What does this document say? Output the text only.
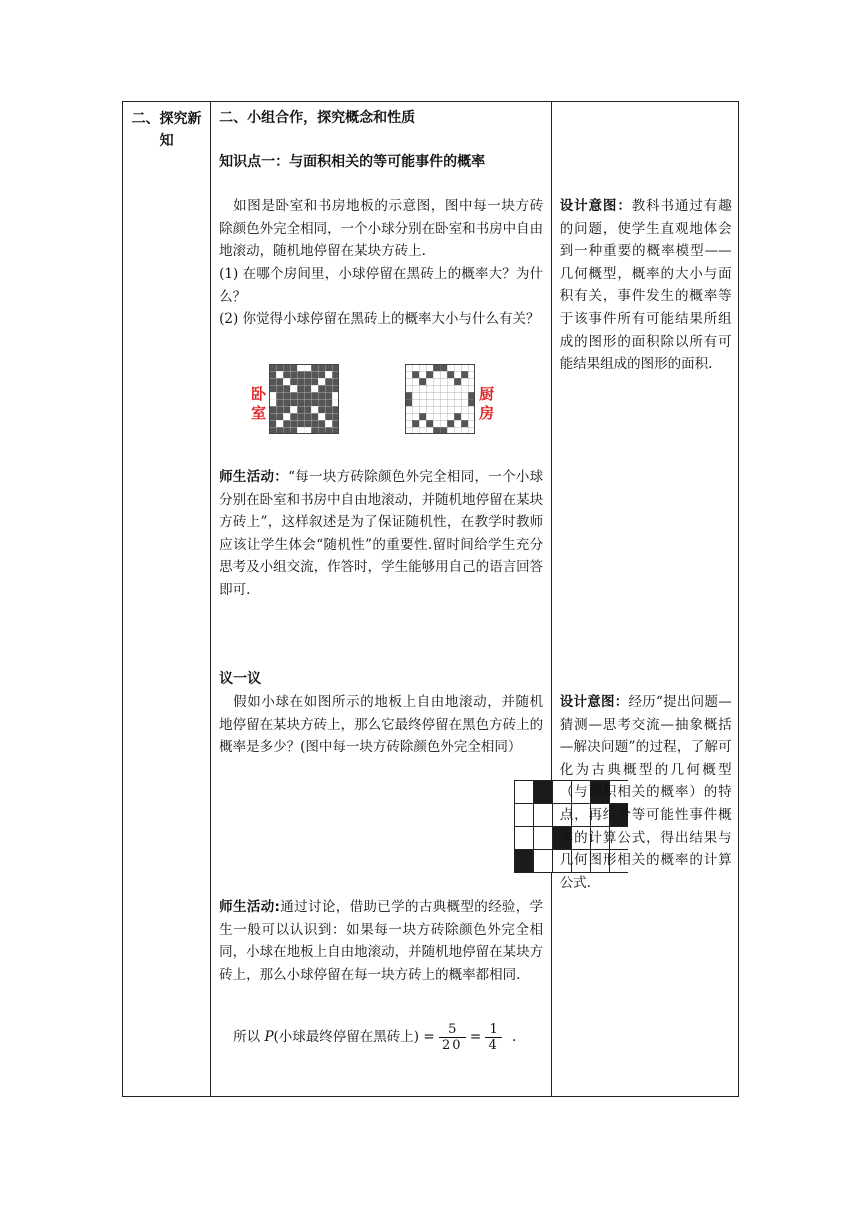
二、探究新知

二、小组合作，探究概念和性质
知识点一：与面积相关的等可能事件的概率
如图是卧室和书房地板的示意图，图中每一块方砖除颜色外完全相同，一个小球分别在卧室和书房中自由地滚动，随机地停留在某块方砖上.
(1) 在哪个房间里，小球停留在黑砖上的概率大？为什么？
(2) 你觉得小球停留在黑砖上的概率大小与什么有关？
卧室
厨房
师生活动：“每一块方砖除颜色外完全相同，一个小球分别在卧室和书房中自由地滚动，并随机地停留在某块方砖上”，这样叙述是为了保证随机性，在教学时教师应该让学生体会“随机性”的重要性.留时间给学生充分思考及小组交流，作答时，学生能够用自己的语言回答即可.
议一议
假如小球在如图所示的地板上自由地滚动，并随机地停留在某块方砖上，那么它最终停留在黑色方砖上的概率是多少？(图中每一块方砖除颜色外完全相同）
师生活动:通过讨论，借助已学的古典概型的经验，学生一般可以认识到：如果每一块方砖除颜色外完全相同，小球在地板上自由地滚动，并随机地停留在某块方砖上，那么小球停留在每一块方砖上的概率都相同.
所以 P(小球最终停留在黑砖上) = $\frac{5}{20} = \frac{1}{4}$ .

设计意图：教科书通过有趣的问题，使学生直观地体会到一种重要的概率模型——几何概型，概率的大小与面积有关，事件发生的概率等于该事件所有可能结果所组成的图形的面积除以所有可能结果组成的图形的面积.
设计意图：经历“提出问题—猜测—思考交流—抽象概括—解决问题”的过程，了解可化为古典概型的几何概型（与面积相关的概率）的特点，再结合等可能性事件概率的计算公式，得出结果与几何图形相关的概率的计算公式.
